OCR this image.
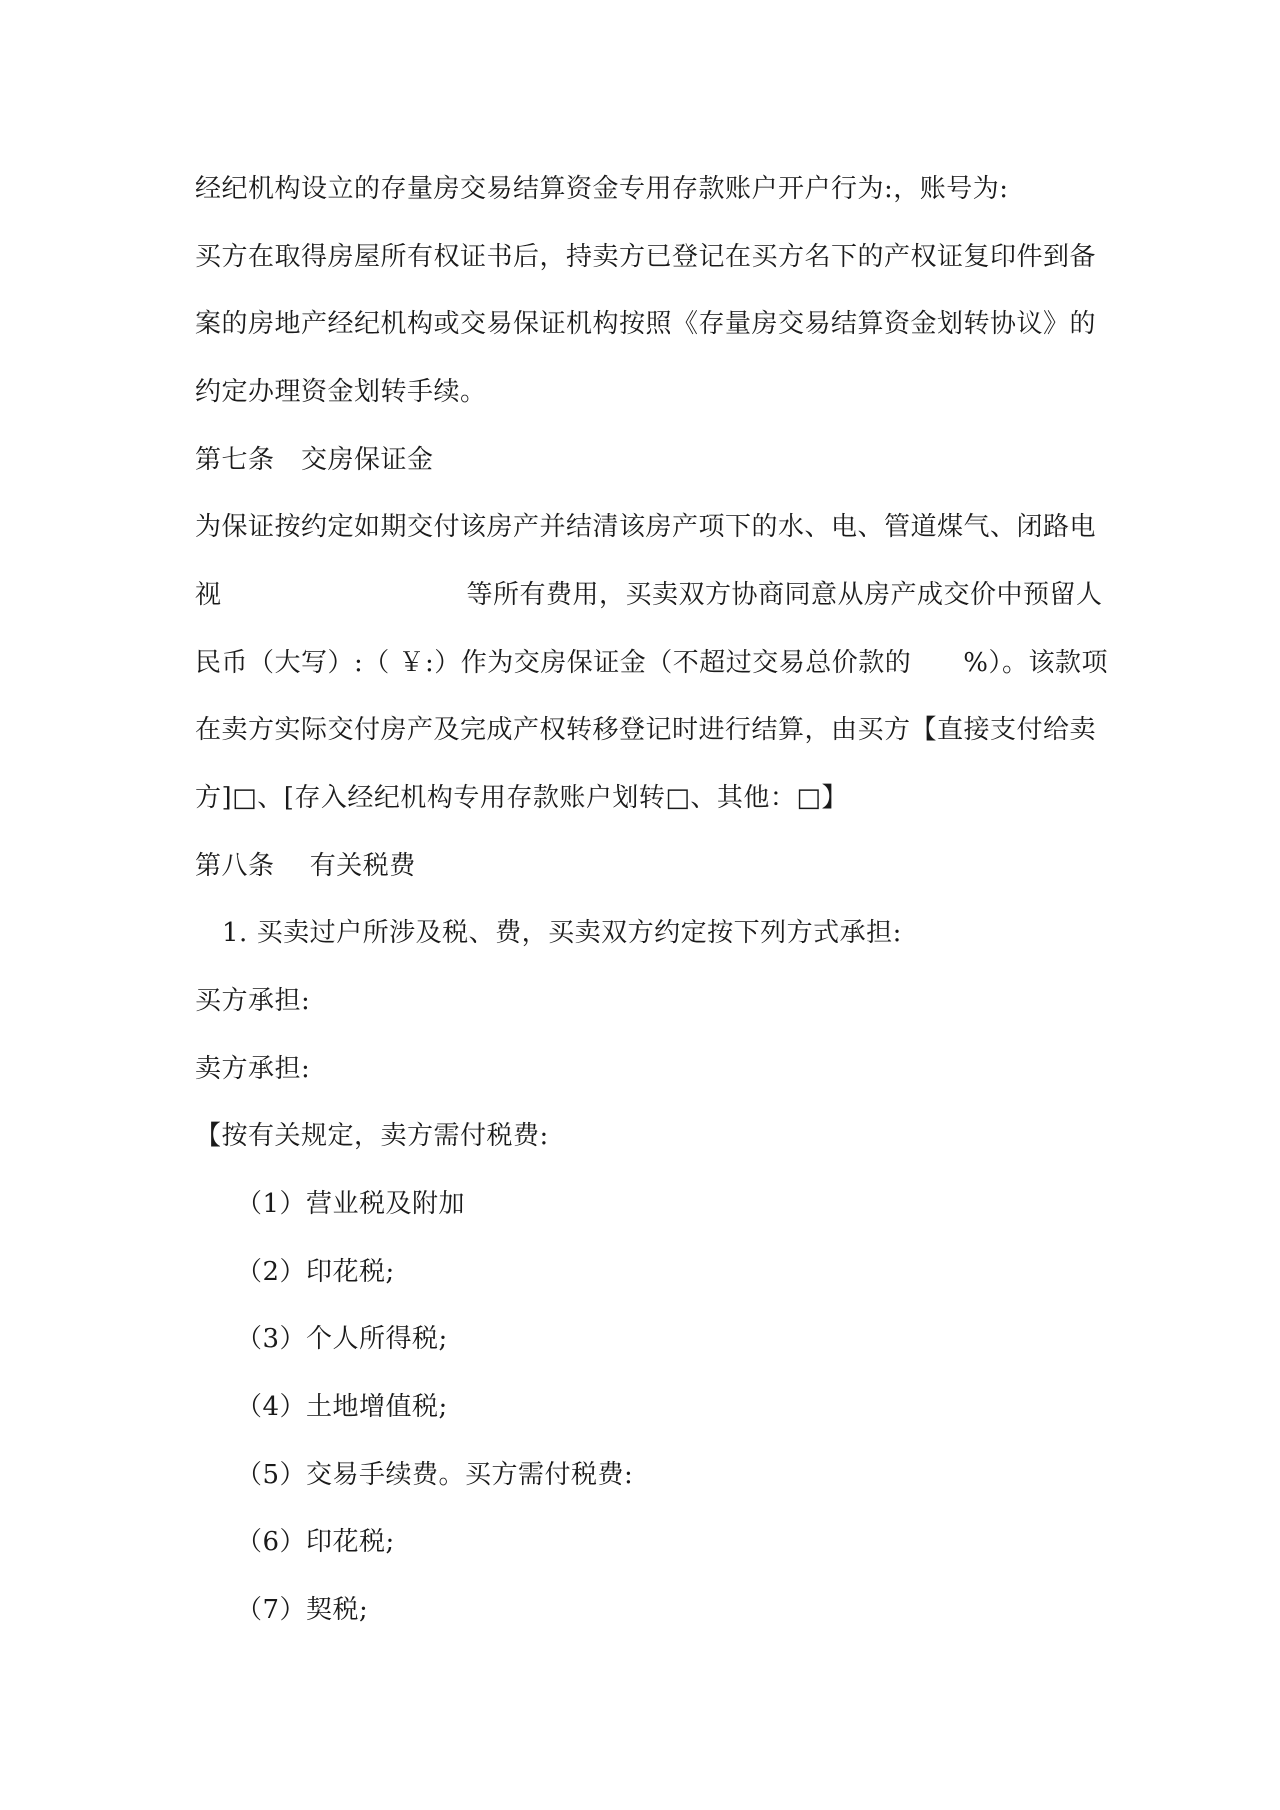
经纪机构设立的存量房交易结算资金专用存款账户开户行为:，账号为:
买方在取得房屋所有权证书后，持卖方已登记在买方名下的产权证复印件到备
案的房地产经纪机构或交易保证机构按照《存量房交易结算资金划转协议》的
约定办理资金划转手续。
第七条　交房保证金
为保证按约定如期交付该房产并结清该房产项下的水、电、管道煤气、闭路电
视	等所有费用，买卖双方协商同意从房产成交价中预留人
民币（大写）:（ ￥:）作为交房保证金（不超过交易总价款的 %）。该款项
在卖方实际交付房产及完成产权转移登记时进行结算，由买方【直接支付给卖
方]□、[存入经纪机构专用存款账户划转□、其他：□】
第八条　 有关税费
1. 买卖过户所涉及税、费，买卖双方约定按下列方式承担:
买方承担:
卖方承担:
【按有关规定，卖方需付税费:
（1）营业税及附加
（2）印花税;
（3）个人所得税;
（4）土地增值税;
（5）交易手续费。买方需付税费:
（6）印花税;
（7）契税;
